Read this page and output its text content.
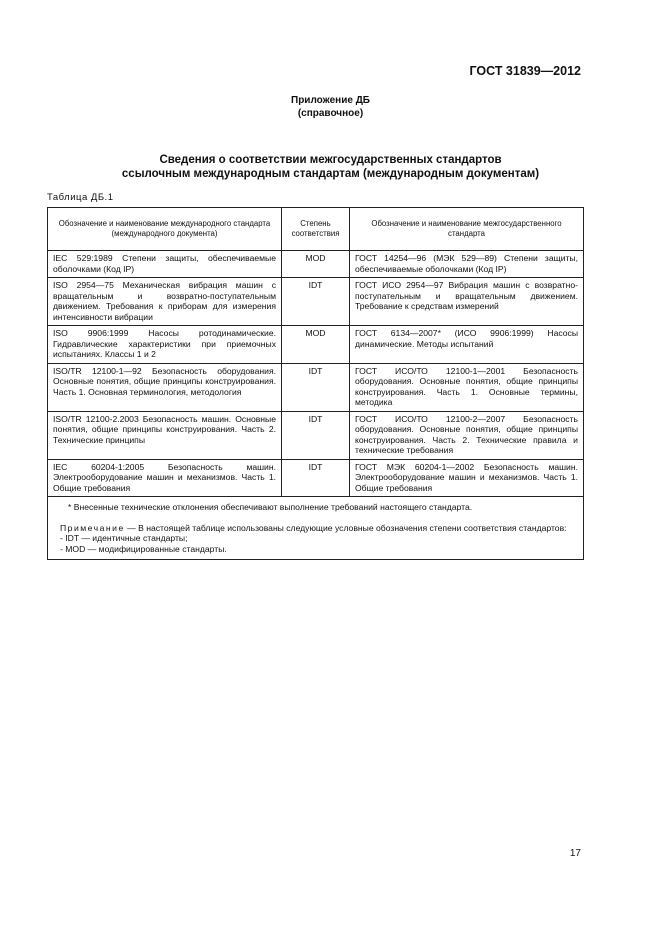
ГОСТ 31839—2012
Приложение ДБ
(справочное)
Сведения о соответствии межгосударственных стандартов
ссылочным международным стандартам (международным документам)
Таблица ДБ.1
Обозначение и наименование международного стандарта (международного документа)	Степень соответствия	Обозначение и наименование межгосударственного стандарта
IEC 529:1989 Степени защиты, обеспечиваемые оболочками (Код IP)	MOD	ГОСТ 14254—96 (МЭК 529—89) Степени защиты, обеспечиваемые оболочками (Код IP)
ISO 2954—75 Механическая вибрация машин с вращательным и возвратно-поступательным движением. Требования к приборам для измерения интенсивности вибрации	IDT	ГОСТ ИСО 2954—97 Вибрация машин с возвратно-поступательным и вращательным движением. Требование к средствам измерений
ISO 9906:1999 Насосы ротодинамические. Гидравлические характеристики при приемочных испытаниях. Классы 1 и 2	MOD	ГОСТ 6134—2007* (ИСО 9906:1999) Насосы динамические. Методы испытаний
ISO/TR 12100-1—92 Безопасность оборудования. Основные понятия, общие принципы конструирования. Часть 1. Основная терминология, методология	IDT	ГОСТ ИСО/ТО 12100-1—2001 Безопасность оборудования. Основные понятия, общие принципы конструирования. Часть 1. Основные термины, методика
ISO/TR 12100-2.2003 Безопасность машин. Основные понятия, общие принципы конструирования. Часть 2. Технические принципы	IDT	ГОСТ ИСО/ТО 12100-2—2007 Безопасность оборудования. Основные понятия, общие принципы конструирования. Часть 2. Технические правила и технические требования
IEC 60204-1:2005 Безопасность машин. Электрооборудование машин и механизмов. Часть 1. Общие требования	IDT	ГОСТ МЭК 60204-1—2002 Безопасность машин. Электрооборудование машин и механизмов. Часть 1. Общие требования

* Внесенные технические отклонения обеспечивают выполнение требований настоящего стандарта.
Примечание — В настоящей таблице использованы следующие условные обозначения степени соответствия стандартов:
- IDT — идентичные стандарты;
- MOD — модифицированные стандарты.		
17
